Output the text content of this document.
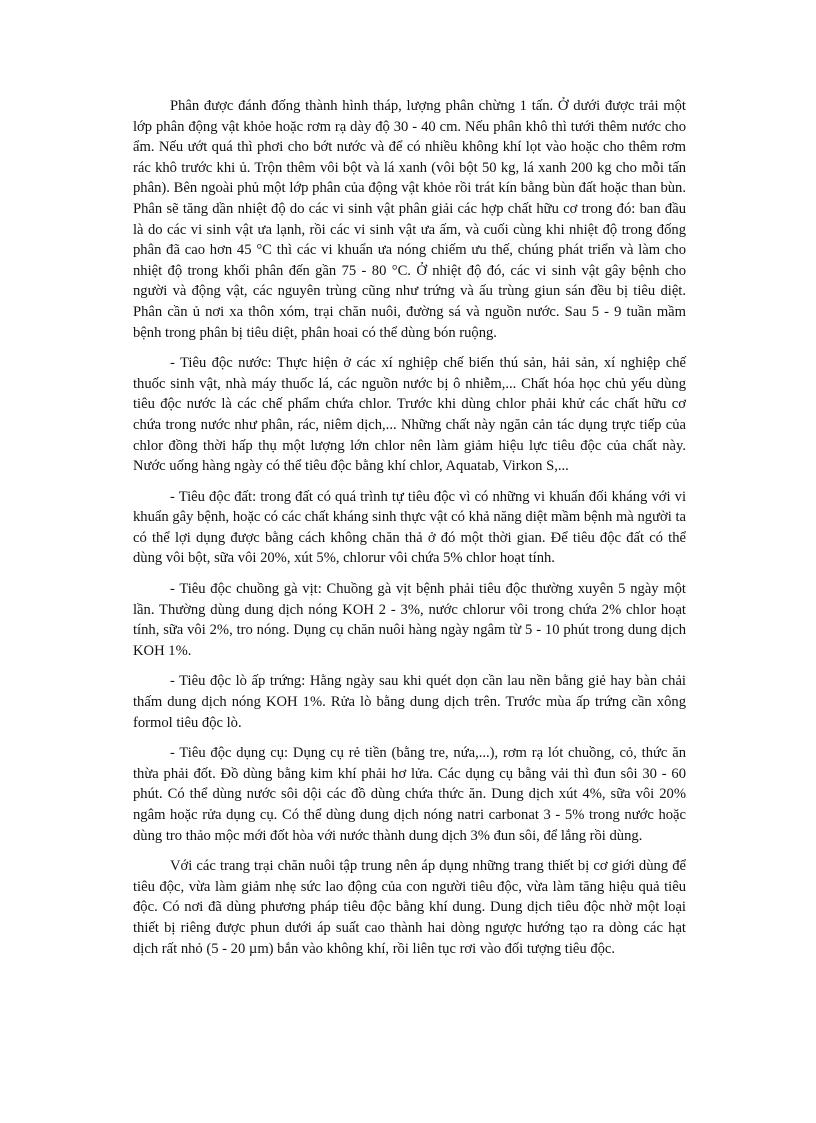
Phân được đánh đống thành hình tháp, lượng phân chừng 1 tấn. Ở dưới được trải một lớp phân động vật khỏe hoặc rơm rạ dày độ 30 - 40 cm. Nếu phân khô thì tưới thêm nước cho ẩm. Nếu ướt quá thì phơi cho bớt nước và để có nhiều không khí lọt vào hoặc cho thêm rơm rác khô trước khi ủ. Trộn thêm vôi bột và lá xanh (vôi bột 50 kg, lá xanh 200 kg cho mỗi tấn phân). Bên ngoài phủ một lớp phân của động vật khỏe rồi trát kín bằng bùn đất hoặc than bùn. Phân sẽ tăng dần nhiệt độ do các vi sinh vật phân giải các hợp chất hữu cơ trong đó: ban đầu là do các vi sinh vật ưa lạnh, rồi các vi sinh vật ưa ấm, và cuối cùng khi nhiệt độ trong đống phân đã cao hơn 45 °C thì các vi khuẩn ưa nóng chiếm ưu thế, chúng phát triển và làm cho nhiệt độ trong khối phân đến gần 75 - 80 °C. Ở nhiệt độ đó, các vi sinh vật gây bệnh cho người và động vật, các nguyên trùng cũng như trứng và ấu trùng giun sán đều bị tiêu diệt. Phân cần ủ nơi xa thôn xóm, trại chăn nuôi, đường sá và nguồn nước. Sau 5 - 9 tuần mầm bệnh trong phân bị tiêu diệt, phân hoai có thể dùng bón ruộng.

- Tiêu độc nước: Thực hiện ở các xí nghiệp chế biến thú sản, hải sản, xí nghiệp chế thuốc sinh vật, nhà máy thuốc lá, các nguồn nước bị ô nhiễm,... Chất hóa học chủ yếu dùng tiêu độc nước là các chế phẩm chứa chlor. Trước khi dùng chlor phải khử các chất hữu cơ chứa trong nước như phân, rác, niêm dịch,... Những chất này ngăn cản tác dụng trực tiếp của chlor đồng thời hấp thụ một lượng lớn chlor nên làm giảm hiệu lực tiêu độc của chất này. Nước uống hàng ngày có thể tiêu độc bằng khí chlor, Aquatab, Virkon S,...

- Tiêu độc đất: trong đất có quá trình tự tiêu độc vì có những vi khuẩn đối kháng với vi khuẩn gây bệnh, hoặc có các chất kháng sinh thực vật có khả năng diệt mầm bệnh mà người ta có thể lợi dụng được bằng cách không chăn thả ở đó một thời gian. Để tiêu độc đất có thể dùng vôi bột, sữa vôi 20%, xút 5%, chlorur vôi chứa 5% chlor hoạt tính.

- Tiêu độc chuồng gà vịt: Chuồng gà vịt bệnh phải tiêu độc thường xuyên 5 ngày một lần. Thường dùng dung dịch nóng KOH 2 - 3%, nước chlorur vôi trong chứa 2% chlor hoạt tính, sữa vôi 2%, tro nóng. Dụng cụ chăn nuôi hàng ngày ngâm từ 5 - 10 phút trong dung dịch KOH 1%.

- Tiêu độc lò ấp trứng: Hằng ngày sau khi quét dọn cần lau nền bằng giẻ hay bàn chải thấm dung dịch nóng KOH 1%. Rửa lò bằng dung dịch trên. Trước mùa ấp trứng cần xông formol tiêu độc lò.

- Tiêu độc dụng cụ: Dụng cụ rẻ tiền (bằng tre, nứa,...), rơm rạ lót chuồng, cỏ, thức ăn thừa phải đốt. Đồ dùng bằng kim khí phải hơ lửa. Các dụng cụ bằng vải thì đun sôi 30 - 60 phút. Có thể dùng nước sôi dội các đồ dùng chứa thức ăn. Dung dịch xút 4%, sữa vôi 20% ngâm hoặc rửa dụng cụ. Có thể dùng dung dịch nóng natri carbonat 3 - 5% trong nước hoặc dùng tro thảo mộc mới đốt hòa với nước thành dung dịch 3% đun sôi, để lắng rồi dùng.

Với các trang trại chăn nuôi tập trung nên áp dụng những trang thiết bị cơ giới dùng để tiêu độc, vừa làm giảm nhẹ sức lao động của con người tiêu độc, vừa làm tăng hiệu quả tiêu độc. Có nơi đã dùng phương pháp tiêu độc bằng khí dung. Dung dịch tiêu độc nhờ một loại thiết bị riêng được phun dưới áp suất cao thành hai dòng ngược hướng tạo ra dòng các hạt dịch rất nhỏ (5 - 20 µm) bắn vào không khí, rồi liên tục rơi vào đối tượng tiêu độc.
